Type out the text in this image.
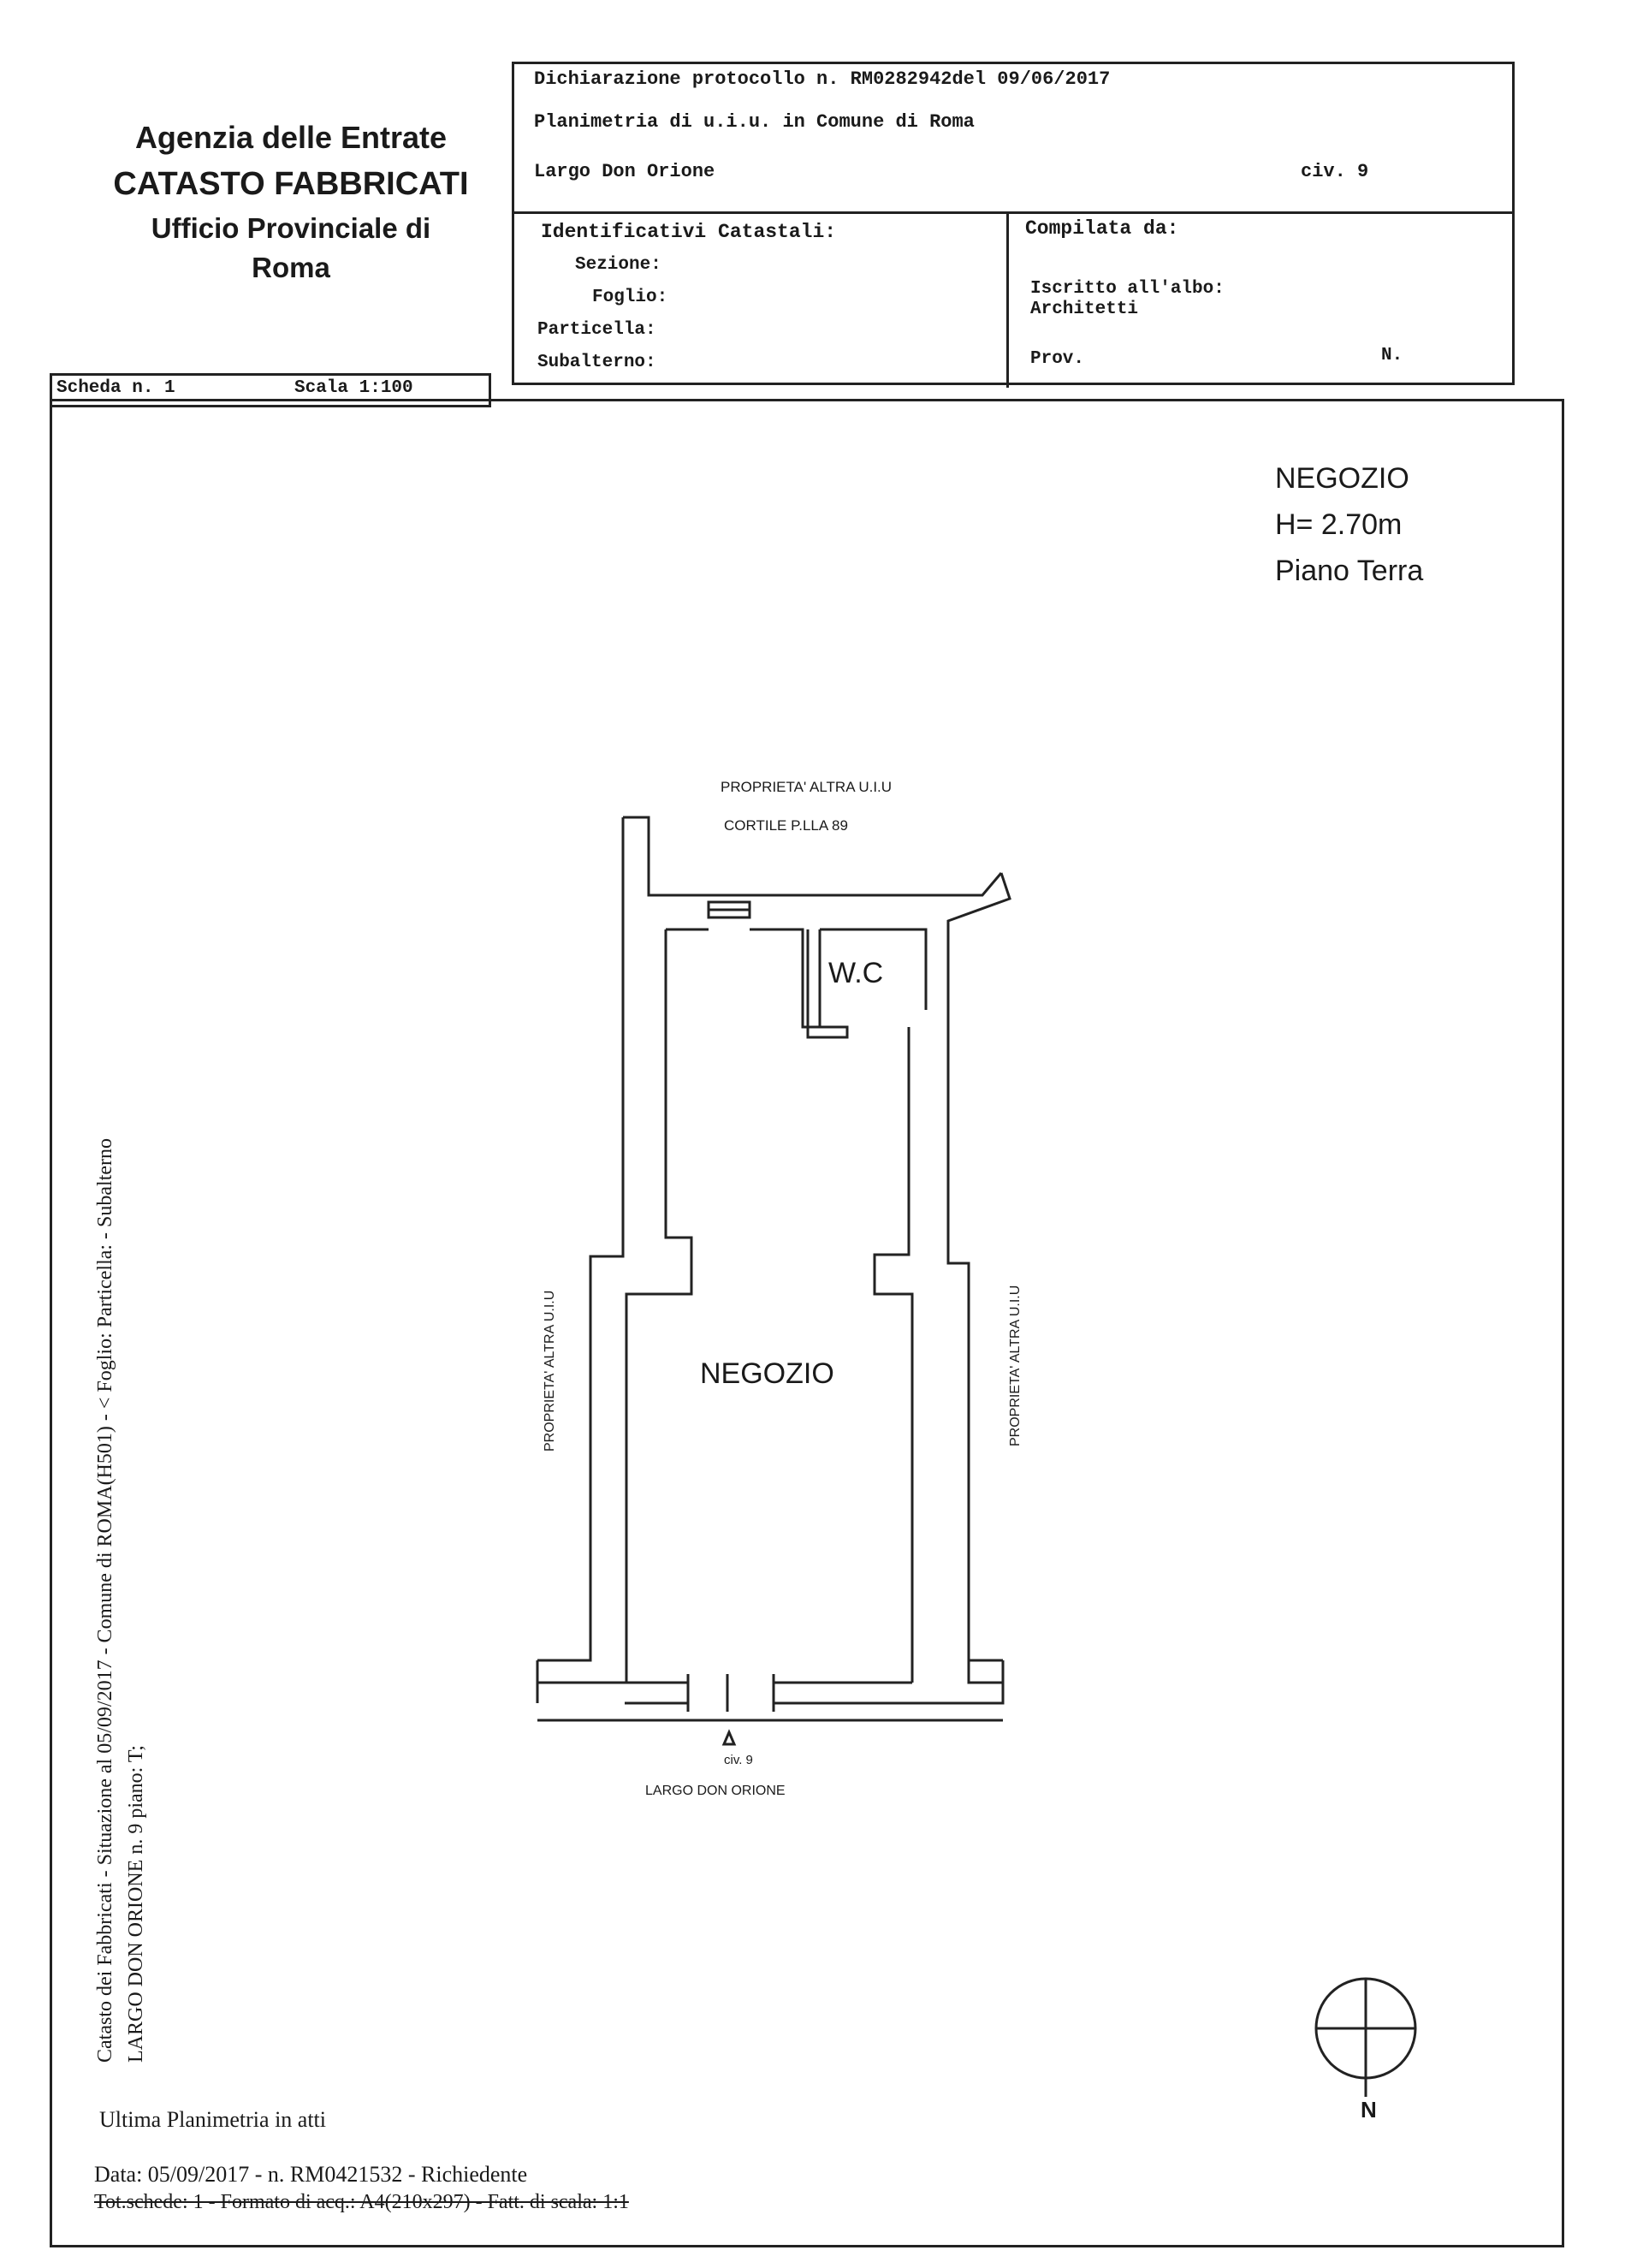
Agenzia delle Entrate
CATASTO FABBRICATI
Ufficio Provinciale di
Roma
Dichiarazione protocollo n. RM0282942del 09/06/2017
Planimetria di u.i.u. in Comune di Roma
Largo Don Orione	civ. 9
Identificativi Catastali:
Sezione:
Foglio:
Particella:
Subalterno:
Compilata da:
Iscritto all'albo:
Architetti
Prov.	N.
Scheda n. 1	Scala 1:100
NEGOZIO
H= 2.70m
Piano Terra
PROPRIETA' ALTRA U.I.U
CORTILE P.LLA 89
W.C
NEGOZIO
civ. 9
LARGO DON ORIONE
N
PROPRIETA' ALTRA U.I.U	PROPRIETA' ALTRA U.I.U
Catasto dei Fabbricati - Situazione al 05/09/2017 - Comune di ROMA(H501) - < Foglio: Particella: - Subalterno
LARGO DON ORIONE n. 9 piano: T;
Ultima Planimetria in atti
Data: 05/09/2017 - n. RM0421532 - Richiedente
Tot.schede: 1 - Formato di acq.: A4(210x297) - Fatt. di scala: 1:1
